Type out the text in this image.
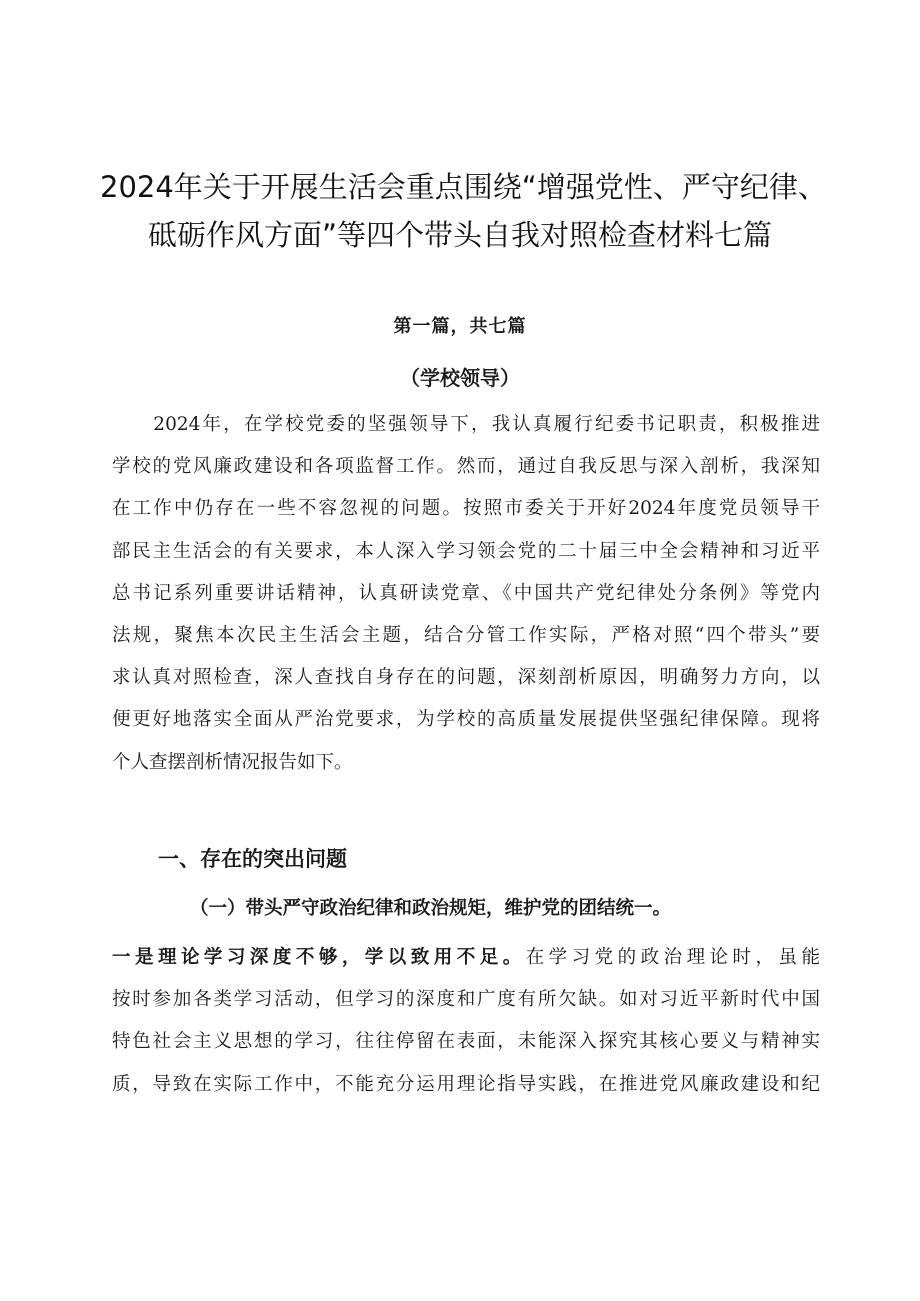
2024年关于开展生活会重点围绕“增强党性、严守纪律、
砥砺作风方面”等四个带头自我对照检查材料七篇
第一篇，共七篇
（学校领导）
　　2024年，在学校党委的坚强领导下，我认真履行纪委书记职责，积极推进
学校的党风廉政建设和各项监督工作。然而，通过自我反思与深入剖析，我深知
在工作中仍存在一些不容忽视的问题。按照市委关于开好2024年度党员领导干
部民主生活会的有关要求，本人深入学习领会党的二十届三中全会精神和习近平
总书记系列重要讲话精神，认真研读党章、《中国共产党纪律处分条例》等党内
法规，聚焦本次民主生活会主题，结合分管工作实际，严格对照“四个带头”要
求认真对照检查，深人查找自身存在的问题，深刻剖析原因，明确努力方向，以
便更好地落实全面从严治党要求，为学校的高质量发展提供坚强纪律保障。现将
个人查摆剖析情况报告如下。
一、存在的突出问题
（一）带头严守政治纪律和政治规矩，维护党的团结统一。
一是理论学习深度不够，学以致用不足。在学习党的政治理论时，虽能
按时参加各类学习活动，但学习的深度和广度有所欠缺。如对习近平新时代中国
特色社会主义思想的学习，往往停留在表面，未能深入探究其核心要义与精神实
质，导致在实际工作中，不能充分运用理论指导实践，在推进党风廉政建设和纪
